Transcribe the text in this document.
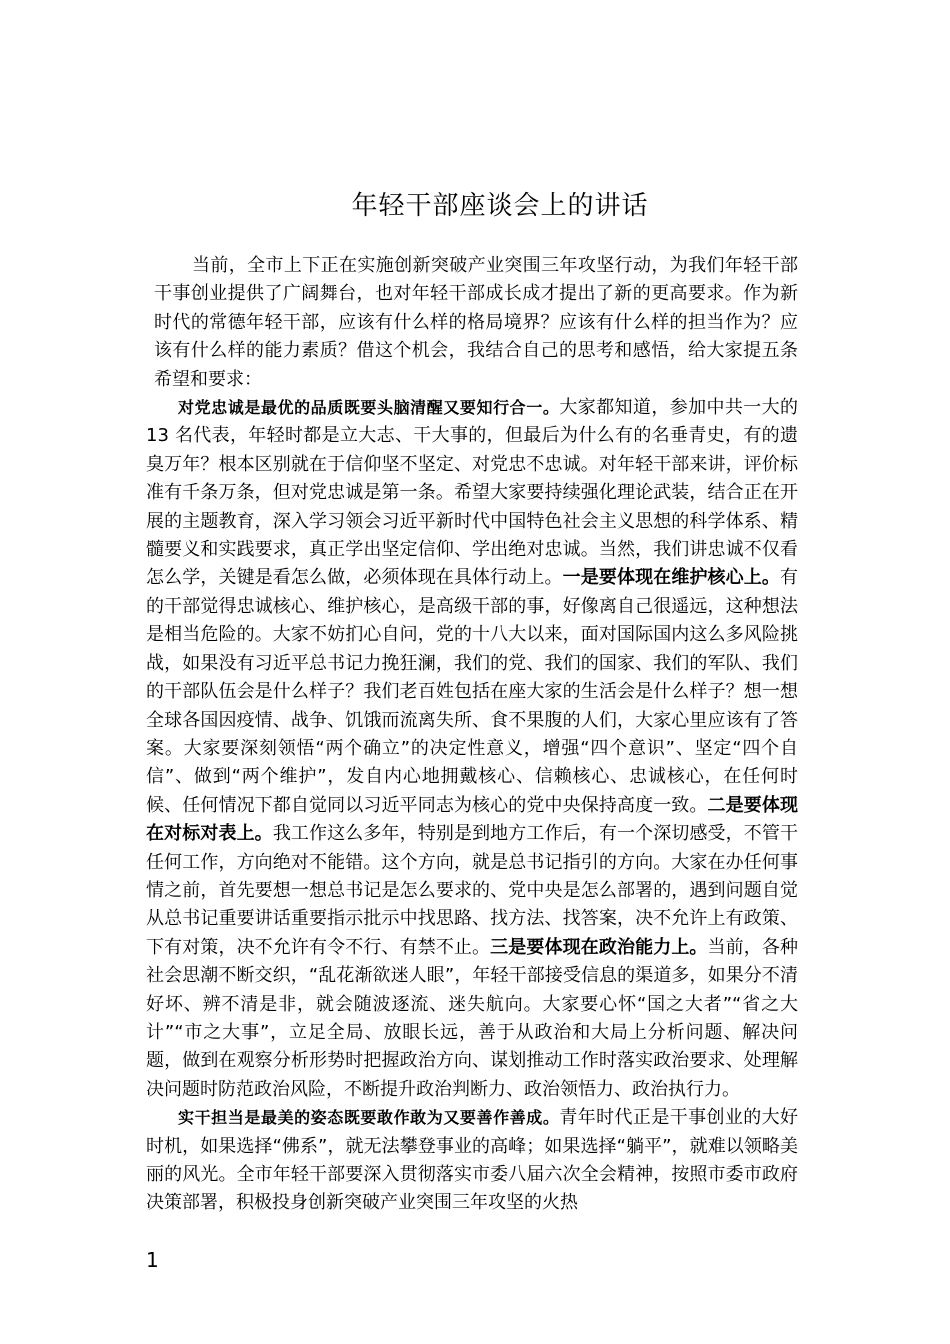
年轻干部座谈会上的讲话

当前，全市上下正在实施创新突破产业突围三年攻坚行动，为我们年轻干部干事创业提供了广阔舞台，也对年轻干部成长成才提出了新的更高要求。作为新时代的常德年轻干部，应该有什么样的格局境界？应该有什么样的担当作为？应该有什么样的能力素质？借这个机会，我结合自己的思考和感悟，给大家提五条希望和要求：

对党忠诚是最优的品质既要头脑清醒又要知行合一。大家都知道，参加中共一大的 13 名代表，年轻时都是立大志、干大事的，但最后为什么有的名垂青史，有的遗臭万年？根本区别就在于信仰坚不坚定、对党忠不忠诚。对年轻干部来讲，评价标准有千条万条，但对党忠诚是第一条。希望大家要持续强化理论武装，结合正在开展的主题教育，深入学习领会习近平新时代中国特色社会主义思想的科学体系、精髓要义和实践要求，真正学出坚定信仰、学出绝对忠诚。当然，我们讲忠诚不仅看怎么学，关键是看怎么做，必须体现在具体行动上。一是要体现在维护核心上。有的干部觉得忠诚核心、维护核心，是高级干部的事，好像离自己很遥远，这种想法是相当危险的。大家不妨扪心自问，党的十八大以来，面对国际国内这么多风险挑战，如果没有习近平总书记力挽狂澜，我们的党、我们的国家、我们的军队、我们的干部队伍会是什么样子？我们老百姓包括在座大家的生活会是什么样子？想一想全球各国因疫情、战争、饥饿而流离失所、食不果腹的人们，大家心里应该有了答案。大家要深刻领悟“两个确立”的决定性意义，增强“四个意识”、坚定“四个自信”、做到“两个维护”，发自内心地拥戴核心、信赖核心、忠诚核心，在任何时候、任何情况下都自觉同以习近平同志为核心的党中央保持高度一致。二是要体现在对标对表上。我工作这么多年，特别是到地方工作后，有一个深切感受，不管干任何工作，方向绝对不能错。这个方向，就是总书记指引的方向。大家在办任何事情之前，首先要想一想总书记是怎么要求的、党中央是怎么部署的，遇到问题自觉从总书记重要讲话重要指示批示中找思路、找方法、找答案，决不允许上有政策、下有对策，决不允许有令不行、有禁不止。三是要体现在政治能力上。当前，各种社会思潮不断交织，“乱花渐欲迷人眼”，年轻干部接受信息的渠道多，如果分不清好坏、辨不清是非，就会随波逐流、迷失航向。大家要心怀“国之大者”“省之大计”“市之大事”，立足全局、放眼长远，善于从政治和大局上分析问题、解决问题，做到在观察分析形势时把握政治方向、谋划推动工作时落实政治要求、处理解决问题时防范政治风险，不断提升政治判断力、政治领悟力、政治执行力。

实干担当是最美的姿态既要敢作敢为又要善作善成。青年时代正是干事创业的大好时机，如果选择“佛系”，就无法攀登事业的高峰；如果选择“躺平”，就难以领略美丽的风光。全市年轻干部要深入贯彻落实市委八届六次全会精神，按照市委市政府决策部署，积极投身创新突破产业突围三年攻坚的火热

1
